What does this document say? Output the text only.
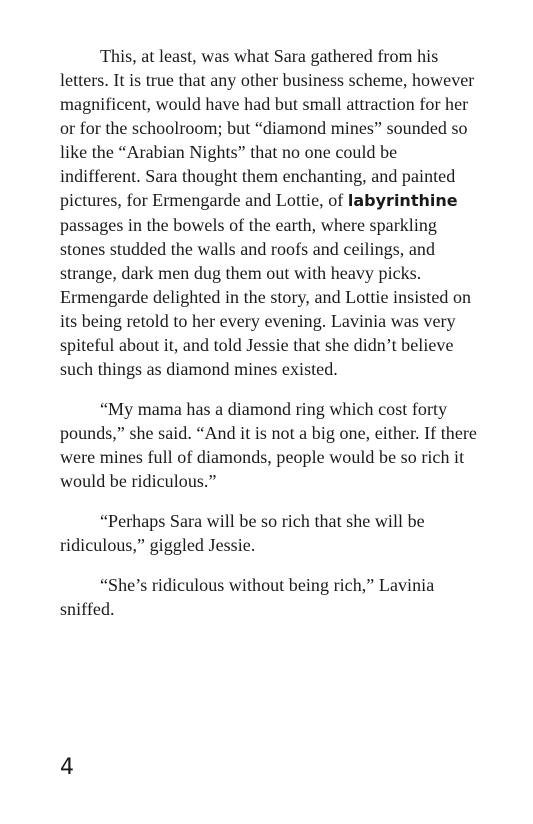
This, at least, was what Sara gathered from his letters. It is true that any other business scheme, however magnificent, would have had but small attraction for her or for the schoolroom; but “diamond mines” sounded so like the “Arabian Nights” that no one could be indifferent. Sara thought them enchanting, and painted pictures, for Ermengarde and Lottie, of labyrinthine passages in the bowels of the earth, where sparkling stones studded the walls and roofs and ceilings, and strange, dark men dug them out with heavy picks. Ermengarde delighted in the story, and Lottie insisted on its being retold to her every evening. Lavinia was very spiteful about it, and told Jessie that she didn’t believe such things as diamond mines existed.

“My mama has a diamond ring which cost forty pounds,” she said. “And it is not a big one, either. If there were mines full of diamonds, people would be so rich it would be ridiculous.”

“Perhaps Sara will be so rich that she will be ridiculous,” giggled Jessie.

“She’s ridiculous without being rich,” Lavinia sniffed.

4
